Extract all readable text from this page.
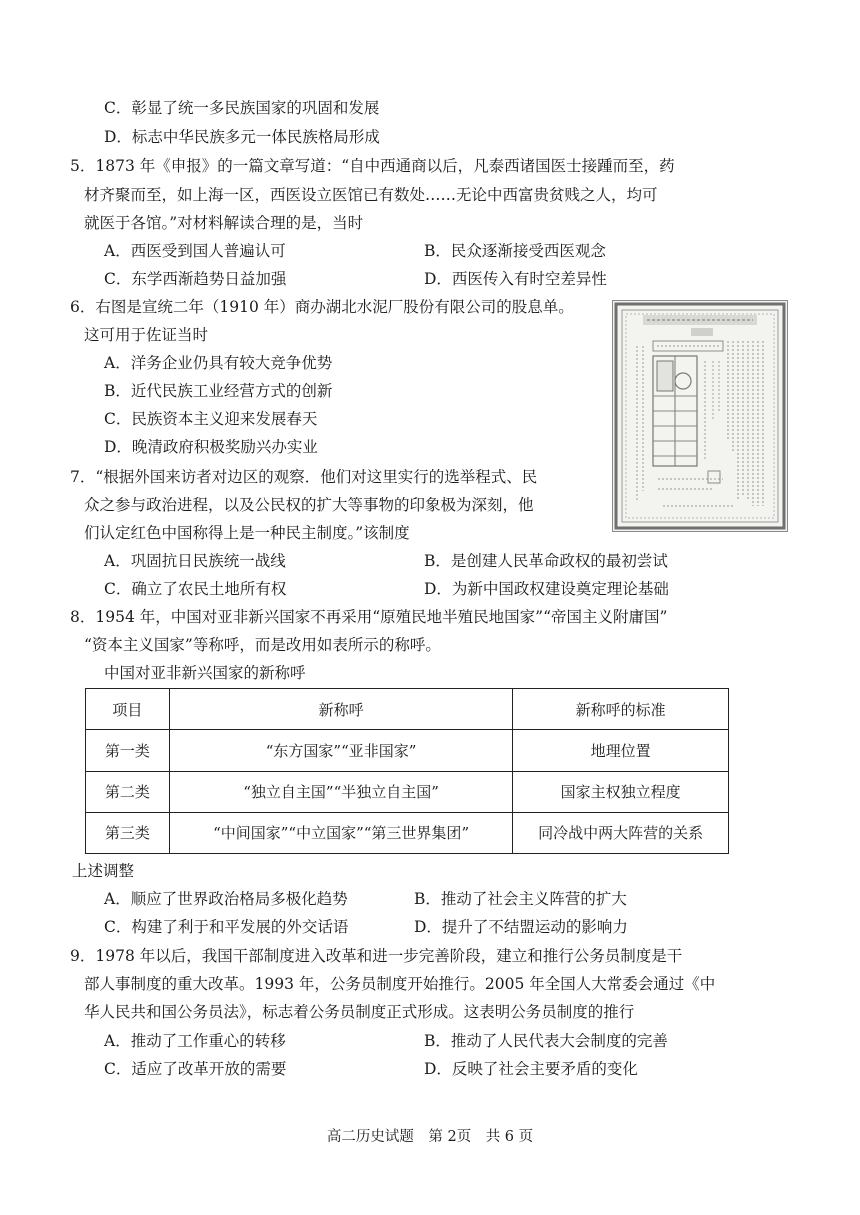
C．彰显了统一多民族国家的巩固和发展
D．标志中华民族多元一体民族格局形成
5．1873 年《申报》的一篇文章写道：“自中西通商以后，凡泰西诸国医士接踵而至，药
材齐聚而至，如上海一区，西医设立医馆已有数处……无论中西富贵贫贱之人，均可
就医于各馆。”对材料解读合理的是，当时
A．西医受到国人普遍认可	B．民众逐渐接受西医观念
C．东学西渐趋势日益加强	D．西医传入有时空差异性
6．右图是宣统二年（1910 年）商办湖北水泥厂股份有限公司的股息单。
这可用于佐证当时
A．洋务企业仍具有较大竞争优势
B．近代民族工业经营方式的创新
C．民族资本主义迎来发展春天
D．晚清政府积极奖励兴办实业
7．“根据外国来访者对边区的观察．他们对这里实行的选举程式、民
众之参与政治进程，以及公民权的扩大等事物的印象极为深刻，他
们认定红色中国称得上是一种民主制度。”该制度
A．巩固抗日民族统一战线	B．是创建人民革命政权的最初尝试
C．确立了农民土地所有权	D．为新中国政权建设奠定理论基础
8．1954 年，中国对亚非新兴国家不再采用“原殖民地半殖民地国家”“帝国主义附庸国”
“资本主义国家”等称呼，而是改用如表所示的称呼。
中国对亚非新兴国家的新称呼
项目	新称呼	新称呼的标准
第一类	“东方国家”“亚非国家”	地理位置
第二类	“独立自主国”“半独立自主国”	国家主权独立程度
第三类	“中间国家”“中立国家”“第三世界集团”	同冷战中两大阵营的关系
上述调整
A．顺应了世界政治格局多极化趋势	B．推动了社会主义阵营的扩大
C．构建了利于和平发展的外交话语	D．提升了不结盟运动的影响力
9．1978 年以后，我国干部制度进入改革和进一步完善阶段，建立和推行公务员制度是干
部人事制度的重大改革。1993 年，公务员制度开始推行。2005 年全国人大常委会通过《中
华人民共和国公务员法》，标志着公务员制度正式形成。这表明公务员制度的推行
A．推动了工作重心的转移	B．推动了人民代表大会制度的完善
C．适应了改革开放的需要	D．反映了社会主要矛盾的变化
高二历史试题　第 2页　共 6 页
